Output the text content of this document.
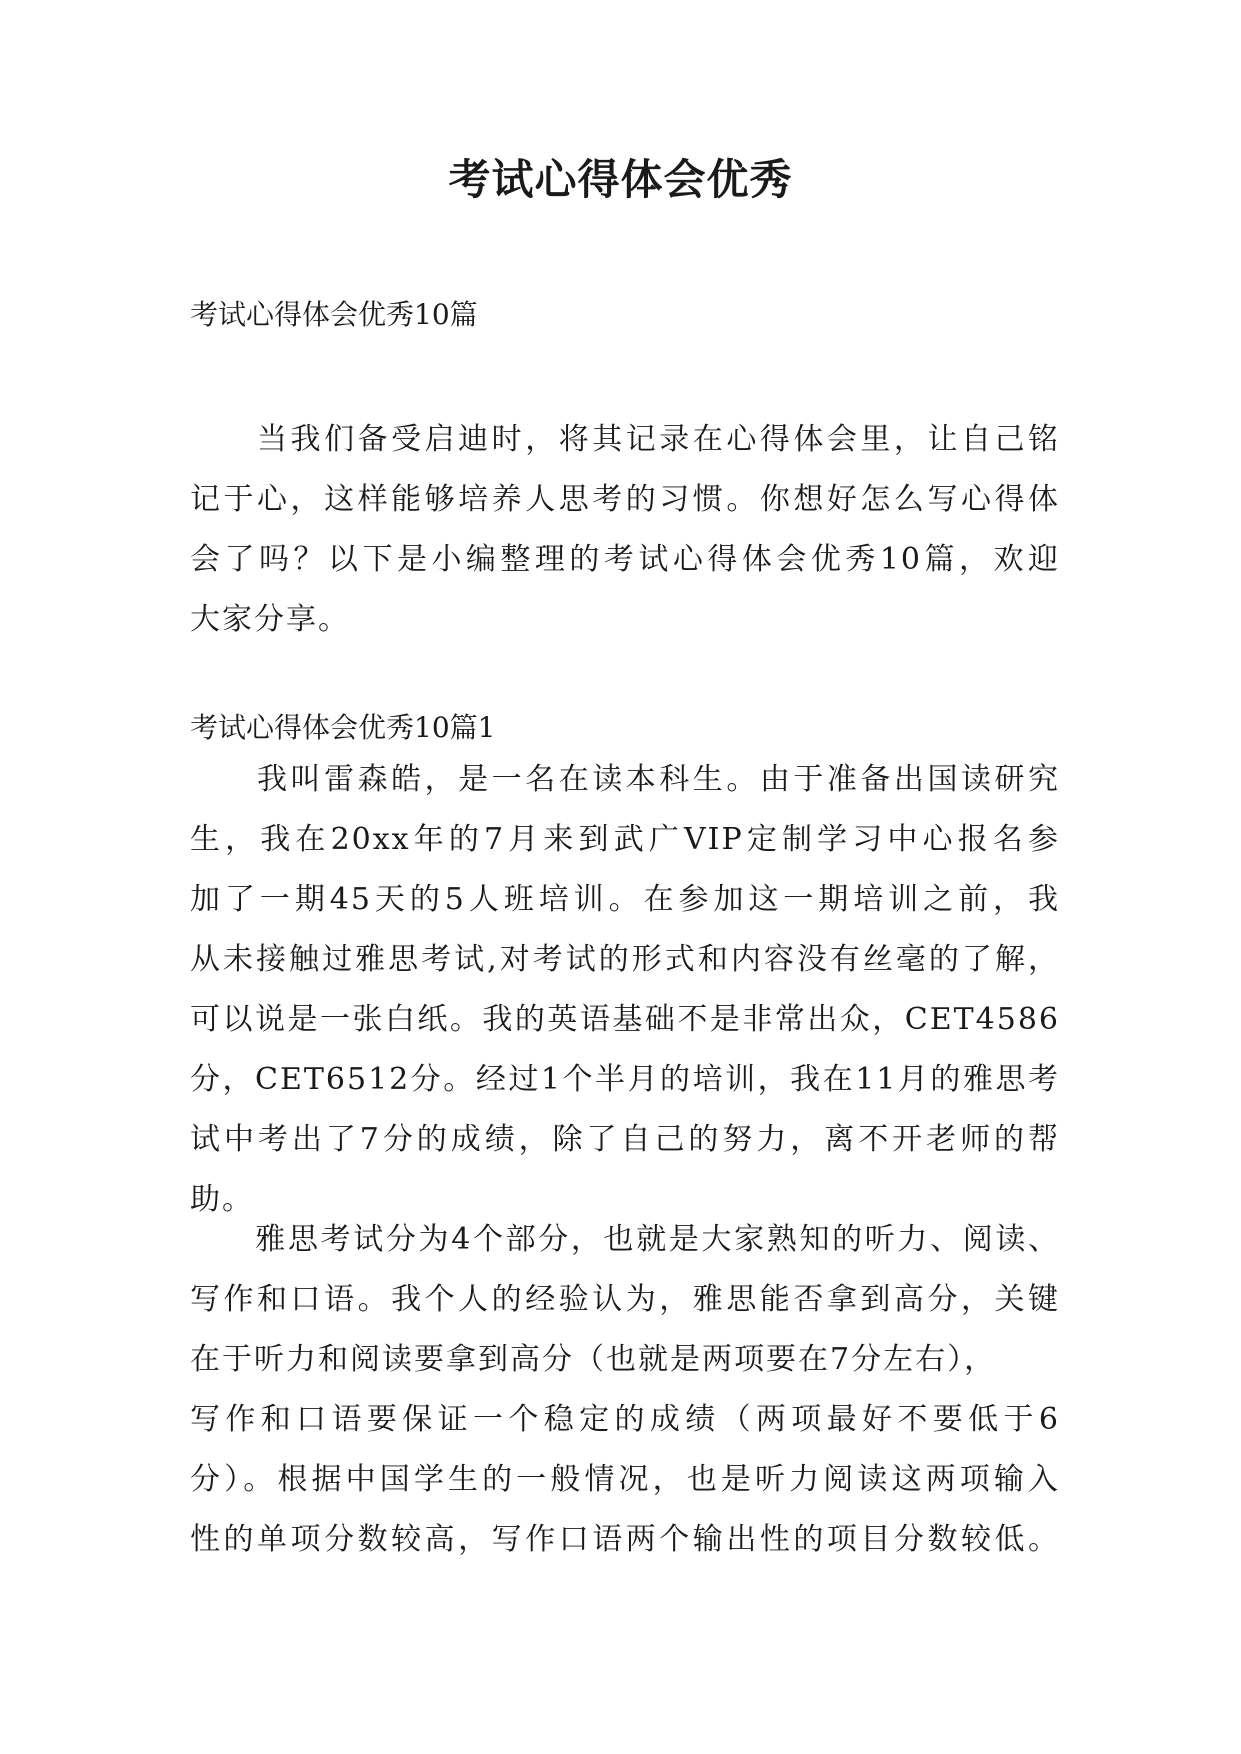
考试心得体会优秀

考试心得体会优秀10篇

　　当我们备受启迪时，将其记录在心得体会里，让自己铭
记于心，这样能够培养人思考的习惯。你想好怎么写心得体
会了吗？以下是小编整理的考试心得体会优秀10篇，欢迎
大家分享。

考试心得体会优秀10篇1

　　我叫雷森皓，是一名在读本科生。由于准备出国读研究
生，我在20xx年的7月来到武广VIP定制学习中心报名参
加了一期45天的5人班培训。在参加这一期培训之前，我
从未接触过雅思考试,对考试的形式和内容没有丝毫的了解，
可以说是一张白纸。我的英语基础不是非常出众，CET4586
分，CET6512分。经过1个半月的培训，我在11月的雅思考
试中考出了7分的成绩，除了自己的努力，离不开老师的帮
助。
　　雅思考试分为4个部分，也就是大家熟知的听力、阅读、
写作和口语。我个人的经验认为，雅思能否拿到高分，关键
在于听力和阅读要拿到高分（也就是两项要在7分左右），
写作和口语要保证一个稳定的成绩（两项最好不要低于6
分）。根据中国学生的一般情况，也是听力阅读这两项输入
性的单项分数较高，写作口语两个输出性的项目分数较低。
